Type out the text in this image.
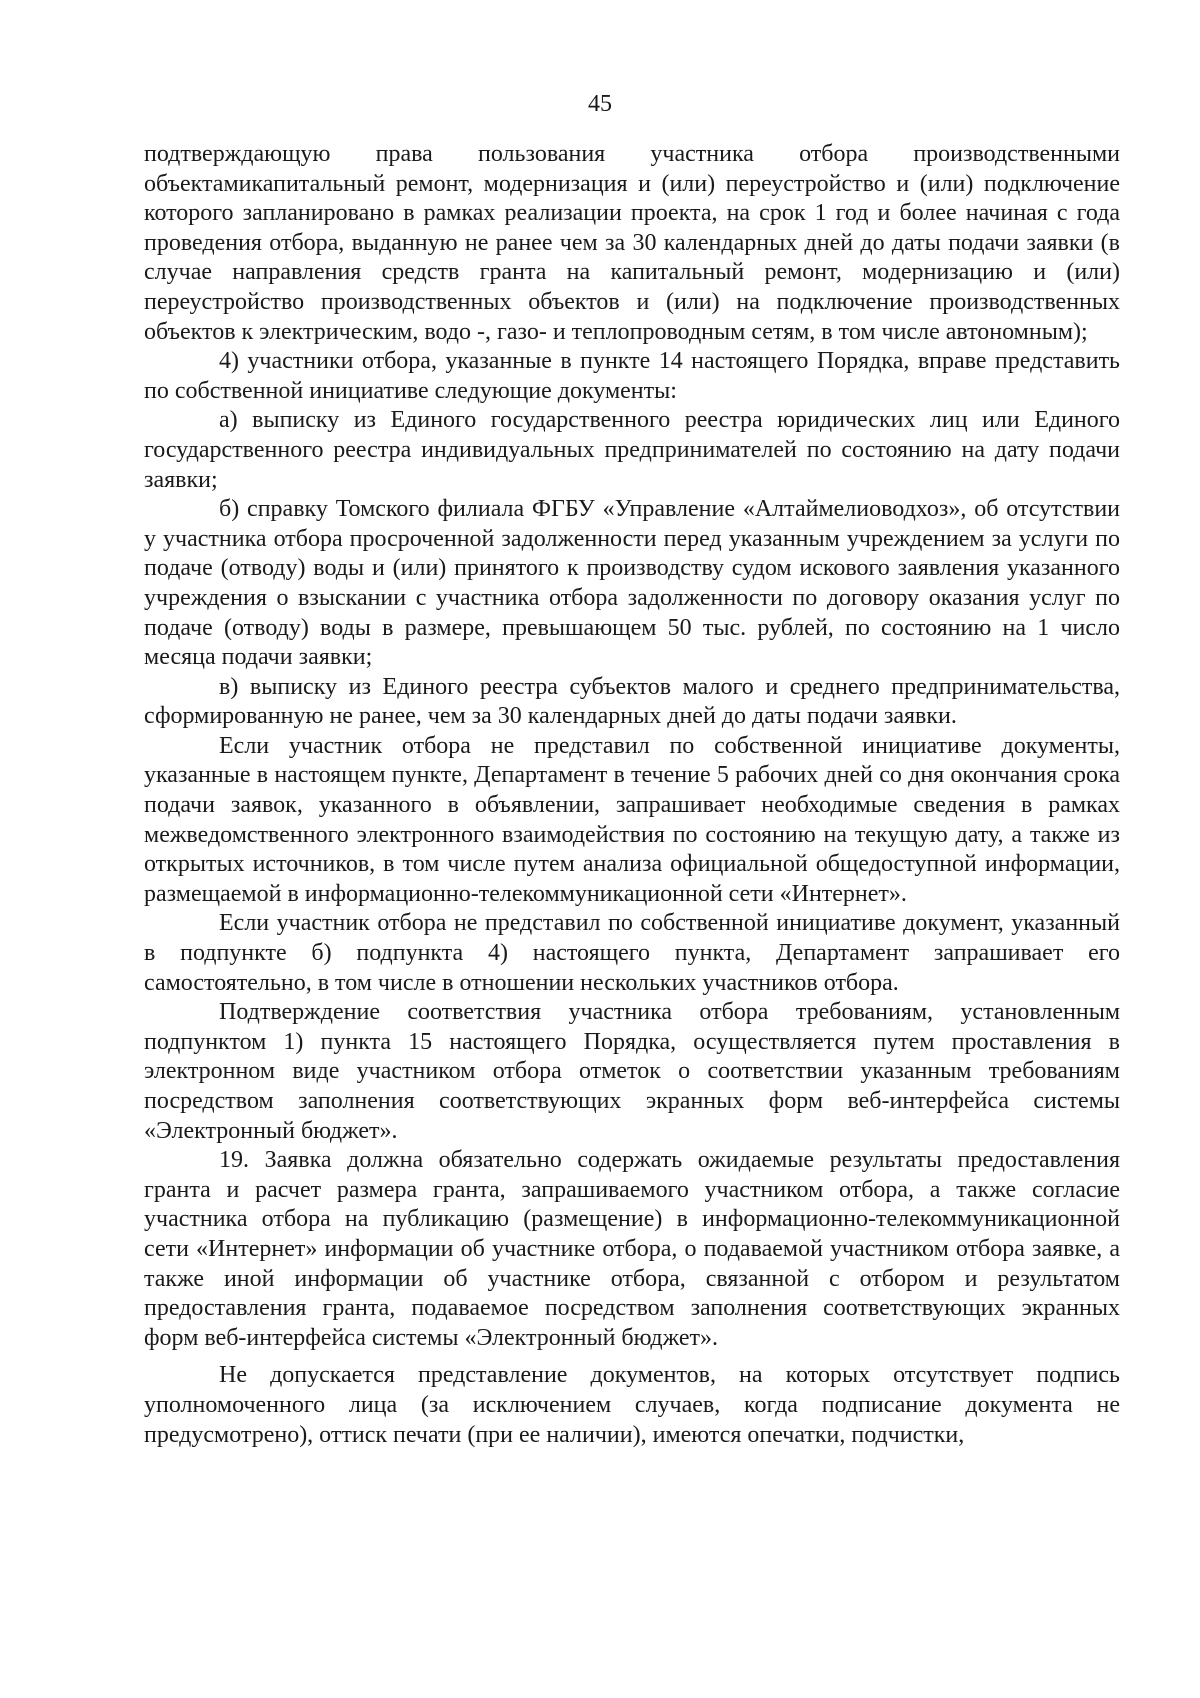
45

подтверждающую права пользования участника отбора производственными объектамикапитальный ремонт, модернизация и (или) переустройство и (или) подключение которого запланировано в рамках реализации проекта, на срок 1 год и более начиная с года проведения отбора, выданную не ранее чем за 30 календарных дней до даты подачи заявки (в случае направления средств гранта на капитальный ремонт, модернизацию и (или) переустройство производственных объектов и (или) на подключение производственных объектов к электрическим, водо -, газо- и теплопроводным сетям, в том числе автономным);

4) участники отбора, указанные в пункте 14 настоящего Порядка, вправе представить по собственной инициативе следующие документы:

а) выписку из Единого государственного реестра юридических лиц или Единого государственного реестра индивидуальных предпринимателей по состоянию на дату подачи заявки;

б) справку Томского филиала ФГБУ «Управление «Алтаймелиоводхоз», об отсутствии у участника отбора просроченной задолженности перед указанным учреждением за услуги по подаче (отводу) воды и (или) принятого к производству судом искового заявления указанного учреждения о взыскании с участника отбора задолженности по договору оказания услуг по подаче (отводу) воды в размере, превышающем 50 тыс. рублей, по состоянию на 1 число месяца подачи заявки;

в) выписку из Единого реестра субъектов малого и среднего предпринимательства, сформированную не ранее, чем за 30 календарных дней до даты подачи заявки.

Если участник отбора не представил по собственной инициативе документы, указанные в настоящем пункте, Департамент в течение 5 рабочих дней со дня окончания срока подачи заявок, указанного в объявлении, запрашивает необходимые сведения в рамках межведомственного электронного взаимодействия по состоянию на текущую дату, а также из открытых источников, в том числе путем анализа официальной общедоступной информации, размещаемой в информационно-телекоммуникационной сети «Интернет».

Если участник отбора не представил по собственной инициативе документ, указанный в подпункте б) подпункта 4) настоящего пункта, Департамент запрашивает его самостоятельно, в том числе в отношении нескольких участников отбора.

Подтверждение соответствия участника отбора требованиям, установленным подпунктом 1) пункта 15 настоящего Порядка, осуществляется путем проставления в электронном виде участником отбора отметок о соответствии указанным требованиям посредством заполнения соответствующих экранных форм веб-интерфейса системы «Электронный бюджет».

19. Заявка должна обязательно содержать ожидаемые результаты предоставления гранта и расчет размера гранта, запрашиваемого участником отбора, а также согласие участника отбора на публикацию (размещение) в информационно-телекоммуникационной сети «Интернет» информации об участнике отбора, о подаваемой участником отбора заявке, а также иной информации об участнике отбора, связанной с отбором и результатом предоставления гранта, подаваемое посредством заполнения соответствующих экранных форм веб-интерфейса системы «Электронный бюджет».

Не допускается представление документов, на которых отсутствует подпись уполномоченного лица (за исключением случаев, когда подписание документа не предусмотрено), оттиск печати (при ее наличии), имеются опечатки, подчистки,
